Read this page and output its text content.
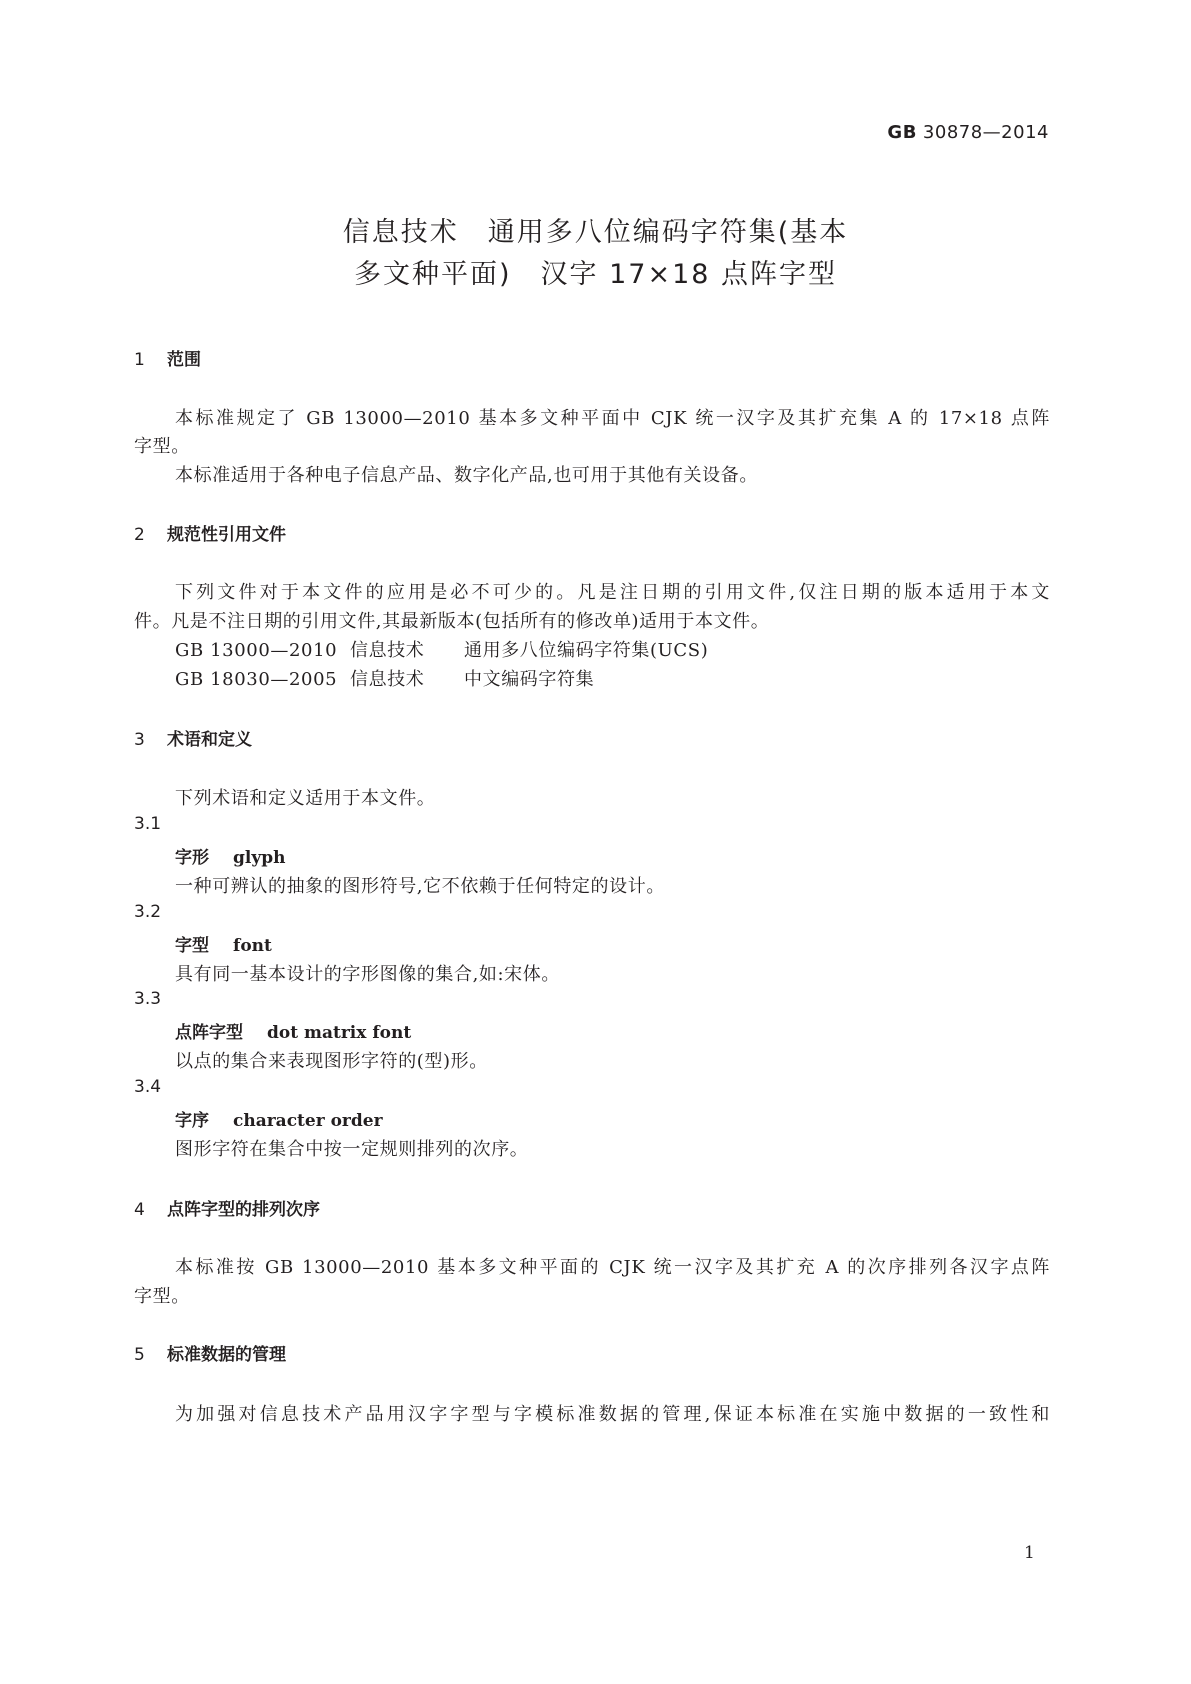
GB 30878—2014
信息技术　通用多八位编码字符集(基本
多文种平面)　汉字 17×18 点阵字型
1 范围

本标准规定了 GB 13000—2010 基本多文种平面中 CJK 统一汉字及其扩充集 A 的 17×18 点阵

字型。

本标准适用于各种电子信息产品、数字化产品,也可用于其他有关设备。

2 规范性引用文件

下列文件对于本文件的应用是必不可少的。凡是注日期的引用文件,仅注日期的版本适用于本文

件。凡是不注日期的引用文件,其最新版本(包括所有的修改单)适用于本文件。

GB 13000—2010 信息技术 通用多八位编码字符集(UCS)
GB 18030—2005 信息技术 中文编码字符集
3 术语和定义

下列术语和定义适用于本文件。

3.1
字形 glyph

一种可辨认的抽象的图形符号,它不依赖于任何特定的设计。

3.2
字型 font

具有同一基本设计的字形图像的集合,如:宋体。

3.3
点阵字型 dot matrix font

以点的集合来表现图形字符的(型)形。

3.4
字序 character order

图形字符在集合中按一定规则排列的次序。

4 点阵字型的排列次序

本标准按 GB 13000—2010 基本多文种平面的 CJK 统一汉字及其扩充 A 的次序排列各汉字点阵

字型。

5 标准数据的管理

为加强对信息技术产品用汉字字型与字模标准数据的管理,保证本标准在实施中数据的一致性和

1
